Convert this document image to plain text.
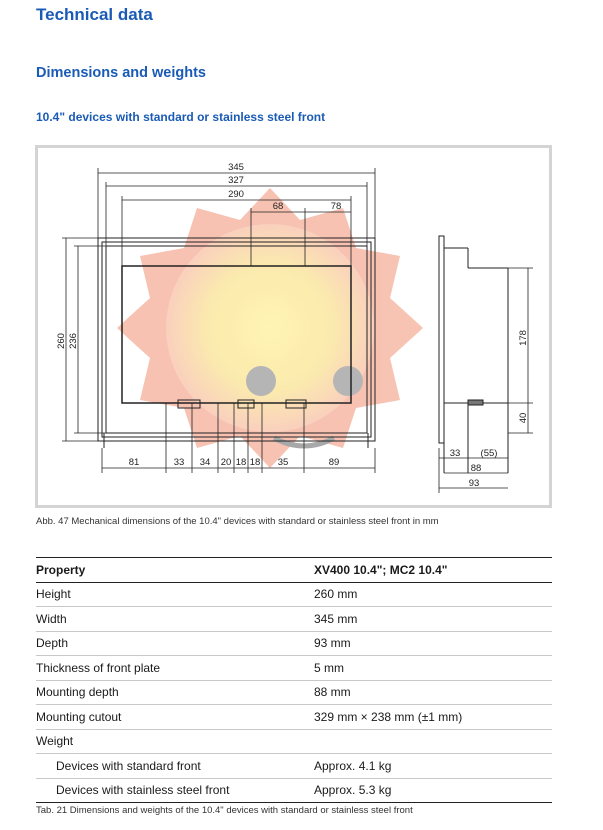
Technical data
Dimensions and weights
10.4" devices with standard or stainless steel front
345
327
290
68	78
260 236
81	33 34 20 18 18 35	89
178
40
33 (55)
88
93
Abb. 47 Mechanical dimensions of the 10.4" devices with standard or stainless steel front in mm
Property	XV400 10.4"; MC2 10.4"
Height	260 mm
Width	345 mm
Depth	93 mm
Thickness of front plate	5 mm
Mounting depth	88 mm
Mounting cutout	329 mm × 238 mm (±1 mm)
Weight	
Devices with standard front	Approx. 4.1 kg
Devices with stainless steel front	Approx. 5.3 kg
Tab. 21 Dimensions and weights of the 10.4" devices with standard or stainless steel front
